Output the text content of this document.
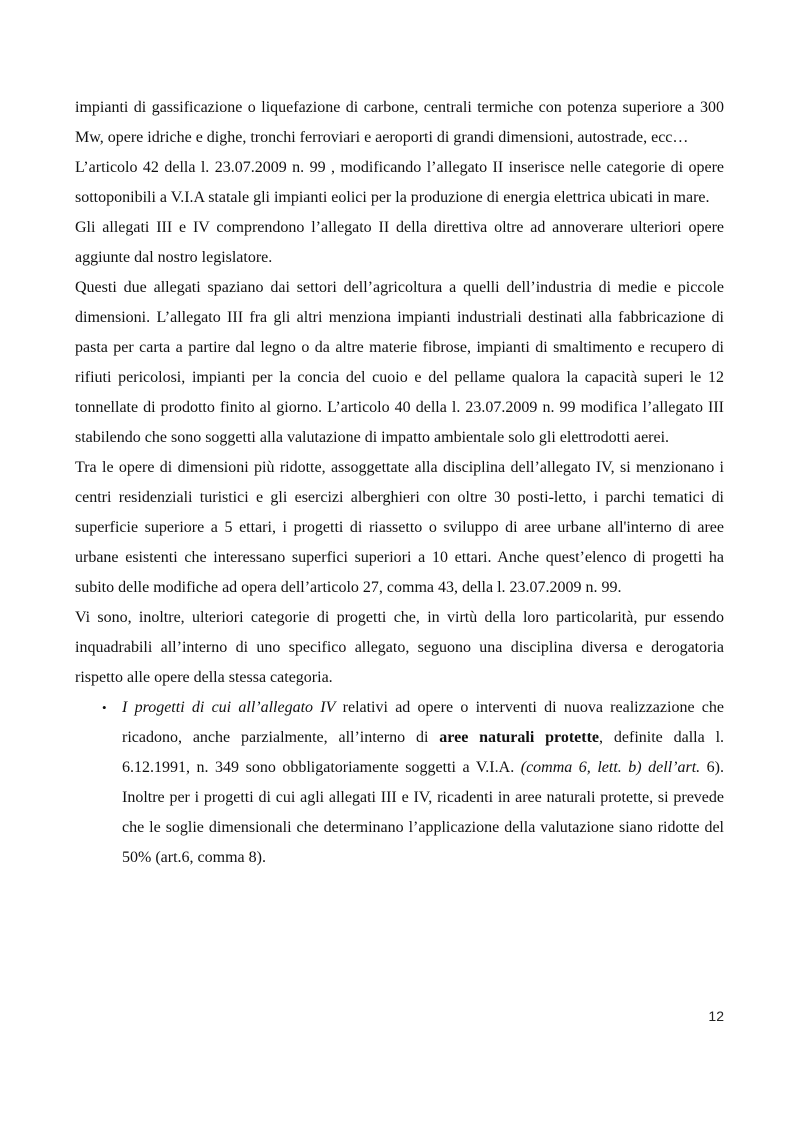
impianti di gassificazione o liquefazione di carbone, centrali termiche con potenza superiore a 300 Mw, opere idriche e dighe, tronchi ferroviari e aeroporti di grandi dimensioni, autostrade, ecc…

L’articolo 42 della l. 23.07.2009 n. 99 , modificando l’allegato II inserisce nelle categorie di opere sottoponibili a V.I.A statale gli impianti eolici per la produzione di energia elettrica ubicati in mare.

Gli allegati III e IV comprendono l’allegato II della direttiva oltre ad annoverare ulteriori opere aggiunte dal nostro legislatore.

Questi due allegati spaziano dai settori dell’agricoltura a quelli dell’industria di medie e piccole dimensioni. L’allegato III fra gli altri menziona impianti industriali destinati alla fabbricazione di pasta per carta a partire dal legno o da altre materie fibrose, impianti di smaltimento e recupero di rifiuti pericolosi, impianti per la concia del cuoio e del pellame qualora la capacità superi le 12 tonnellate di prodotto finito al giorno. L’articolo 40 della l. 23.07.2009 n. 99 modifica l’allegato III stabilendo che sono soggetti alla valutazione di impatto ambientale solo gli elettrodotti aerei.

Tra le opere di dimensioni più ridotte, assoggettate alla disciplina dell’allegato IV, si menzionano i centri residenziali turistici e gli esercizi alberghieri con oltre 30 posti-letto, i parchi tematici di superficie superiore a 5 ettari, i progetti di riassetto o sviluppo di aree urbane all'interno di aree urbane esistenti che interessano superfici superiori a 10 ettari. Anche quest’elenco di progetti ha subito delle modifiche ad opera dell’articolo 27, comma 43, della l. 23.07.2009 n. 99.

Vi sono, inoltre, ulteriori categorie di progetti che, in virtù della loro particolarità, pur essendo inquadrabili all’interno di uno specifico allegato, seguono una disciplina diversa e derogatoria rispetto alle opere della stessa categoria.

• I progetti di cui all’allegato IV relativi ad opere o interventi di nuova realizzazione che ricadono, anche parzialmente, all’interno di aree naturali protette, definite dalla l. 6.12.1991, n. 349 sono obbligatoriamente soggetti a V.I.A. (comma 6, lett. b) dell’art. 6). Inoltre per i progetti di cui agli allegati III e IV, ricadenti in aree naturali protette, si prevede che le soglie dimensionali che determinano l’applicazione della valutazione siano ridotte del 50% (art.6, comma 8).

12
